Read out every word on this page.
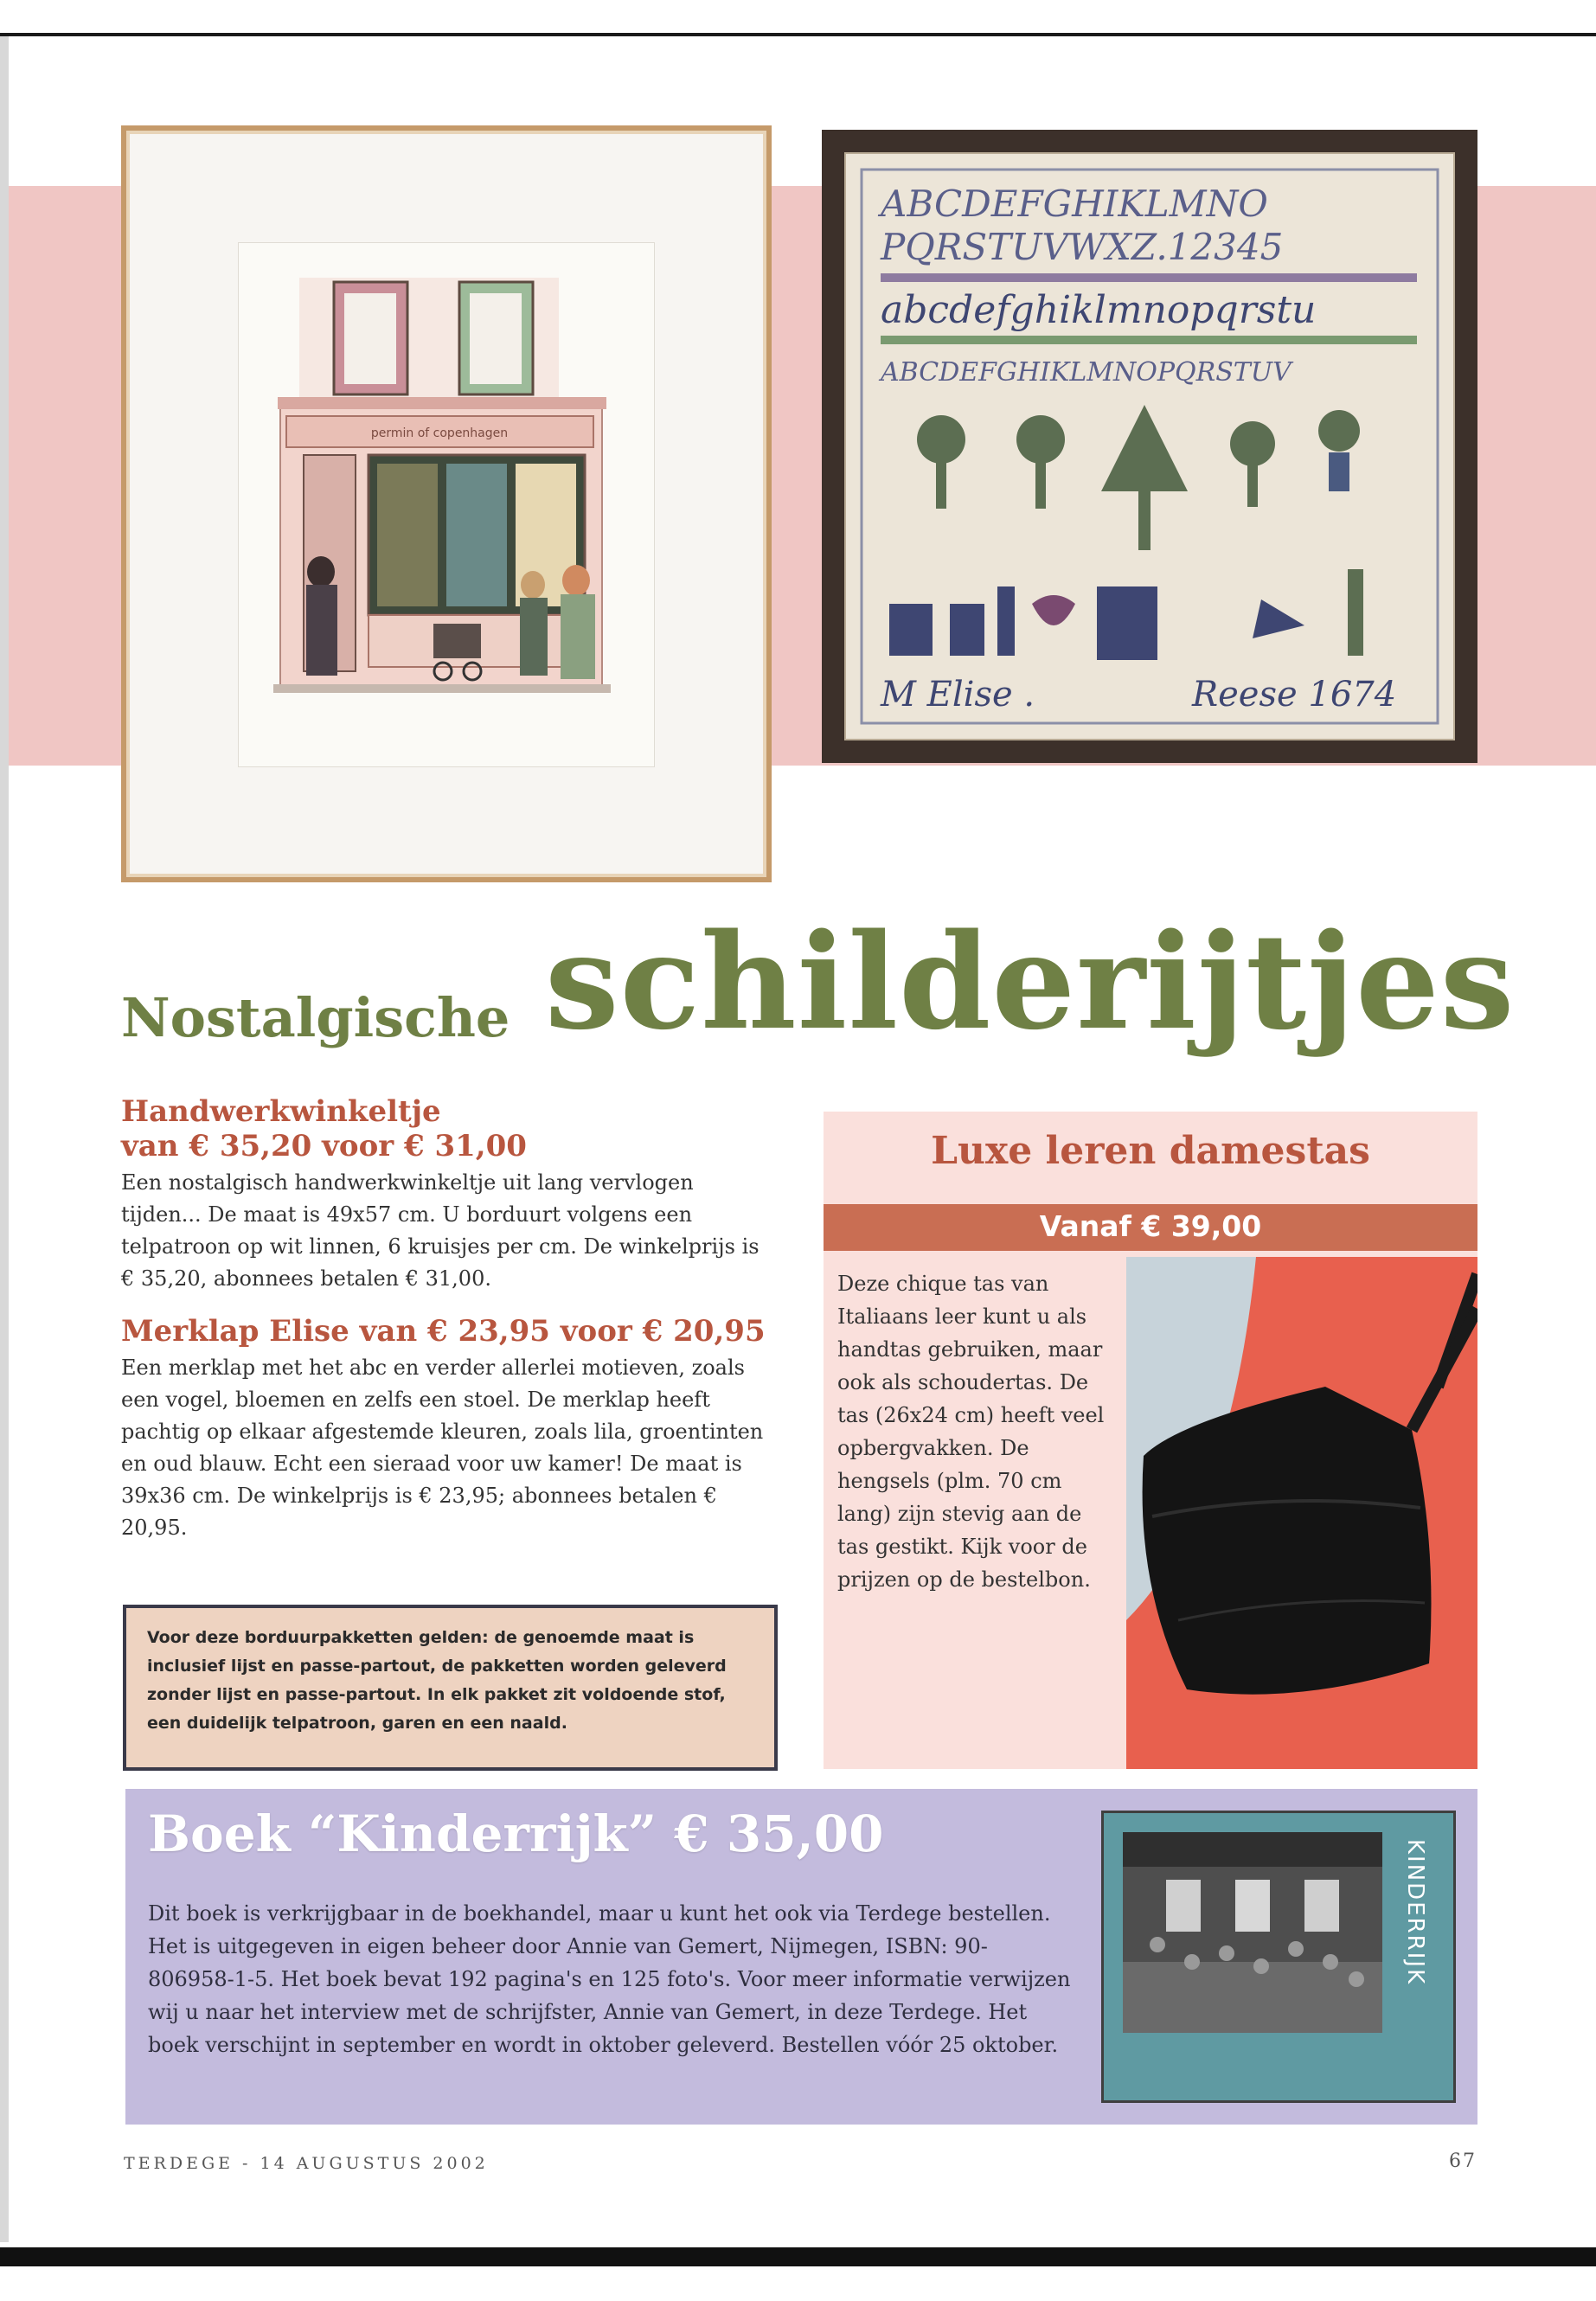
permin of copenhagen
ABCDEFGHIKLMNO
PQRSTUVWXZ.12345
abcdefghiklmnopqrstu
ABCDEFGHIKLMNOPQRSTUV
M Elise .	Reese 1674
Nostalgische schilderijtjes
Handwerkwinkeltje
van € 35,20 voor € 31,00

Een nostalgisch handwerkwinkeltje uit lang vervlogen tijden... De maat is 49x57 cm. U borduurt volgens een telpatroon op wit linnen, 6 kruisjes per cm. De winkelprijs is € 35,20, abonnees betalen € 31,00.

Merklap Elise van € 23,95 voor € 20,95

Een merklap met het abc en verder allerlei motieven, zoals een vogel, bloemen en zelfs een stoel. De merklap heeft pachtig op elkaar afgestemde kleuren, zoals lila, groentinten en oud blauw. Echt een sieraad voor uw kamer! De maat is 39x36 cm. De winkelprijs is € 23,95; abonnees betalen € 20,95.

Voor deze borduurpakketten gelden: de genoemde maat is inclusief lijst en passe-partout, de pakketten worden geleverd zonder lijst en passe-partout. In elk pakket zit voldoende stof, een duidelijk telpatroon, garen en een naald.
Luxe leren damestas
Vanaf € 39,00
Deze chique tas van Italiaans leer kunt u als handtas gebruiken, maar ook als schoudertas. De tas (26x24 cm) heeft veel opbergvakken. De hengsels (plm. 70 cm lang) zijn stevig aan de tas gestikt. Kijk voor de prijzen op de bestelbon.
Boek “Kinderrijk” € 35,00
Dit boek is verkrijgbaar in de boekhandel, maar u kunt het ook via Terdege bestellen. Het is uitgegeven in eigen beheer door Annie van Gemert, Nijmegen, ISBN: 90-806958-1-5. Het boek bevat 192 pagina's en 125 foto's. Voor meer informatie verwijzen wij u naar het interview met de schrijfster, Annie van Gemert, in deze Terdege. Het boek verschijnt in september en wordt in oktober geleverd. Bestellen vóór 25 oktober.
KINDERRIJK
TERDEGE - 14 AUGUSTUS 2002	67
